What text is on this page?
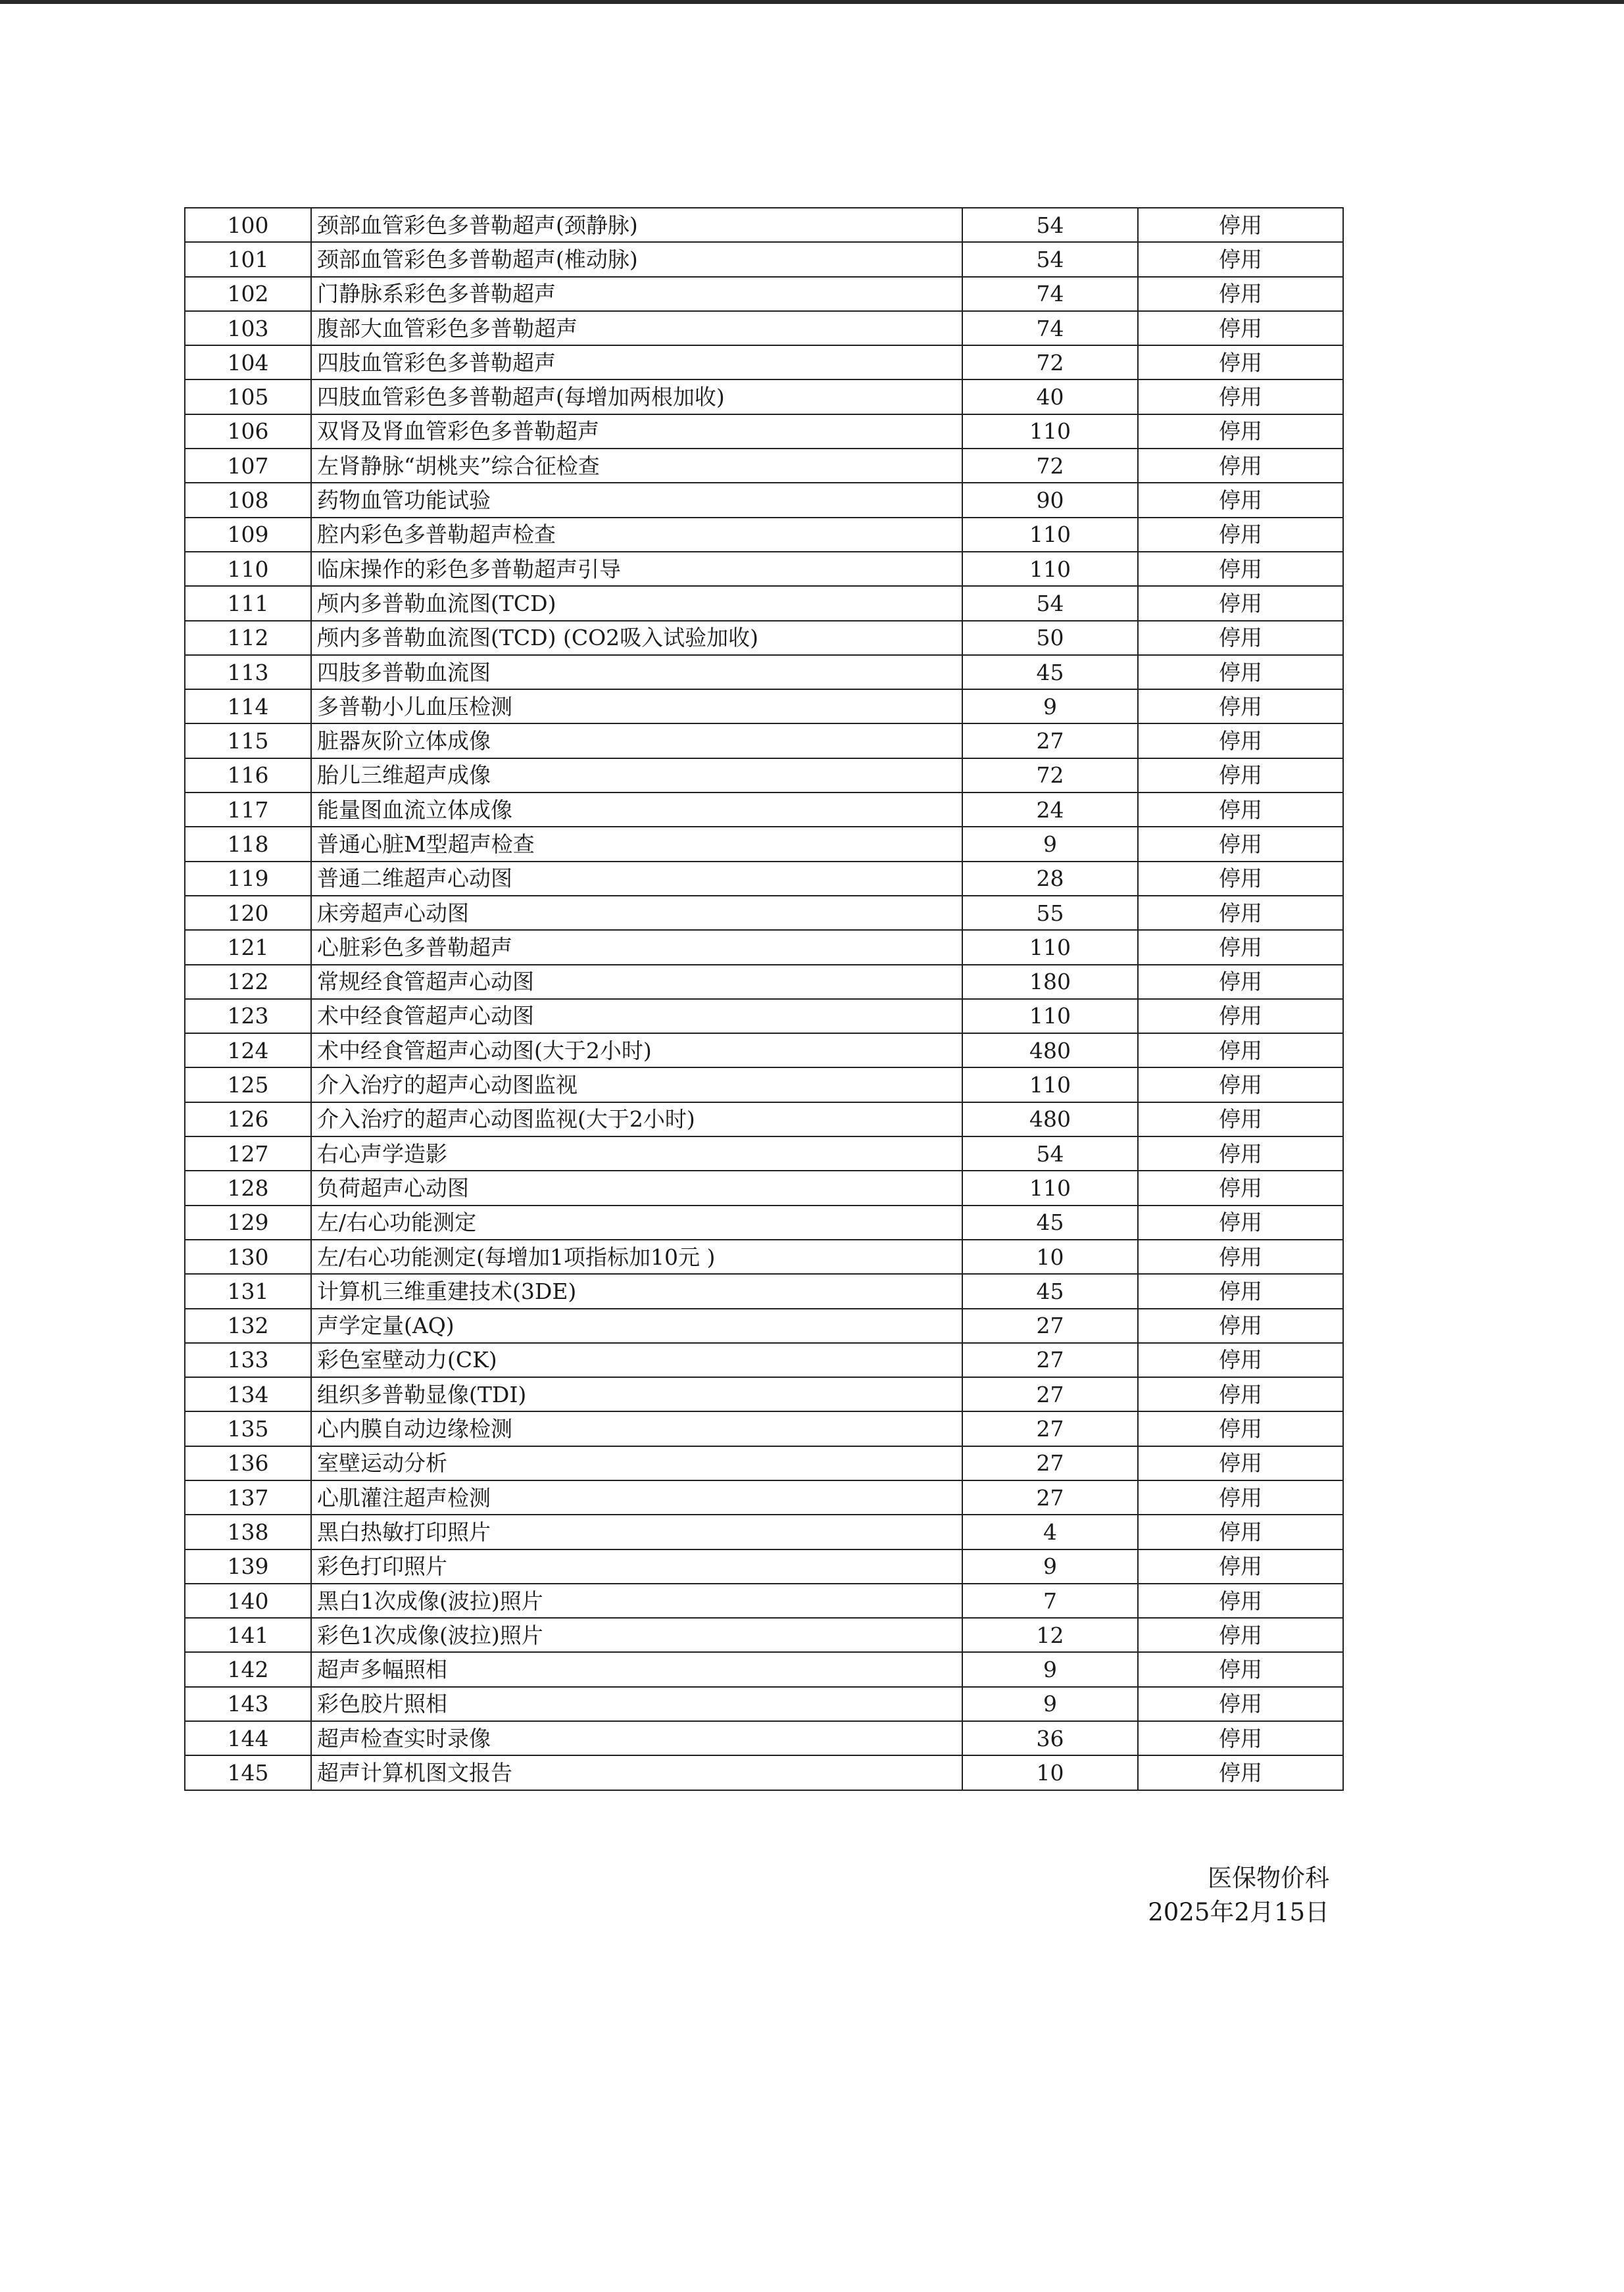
100	颈部血管彩色多普勒超声(颈静脉)	54	停用
101	颈部血管彩色多普勒超声(椎动脉)	54	停用
102	门静脉系彩色多普勒超声	74	停用
103	腹部大血管彩色多普勒超声	74	停用
104	四肢血管彩色多普勒超声	72	停用
105	四肢血管彩色多普勒超声(每增加两根加收)	40	停用
106	双肾及肾血管彩色多普勒超声	110	停用
107	左肾静脉“胡桃夹”综合征检查	72	停用
108	药物血管功能试验	90	停用
109	腔内彩色多普勒超声检查	110	停用
110	临床操作的彩色多普勒超声引导	110	停用
111	颅内多普勒血流图(TCD)	54	停用
112	颅内多普勒血流图(TCD) (CO2吸入试验加收)	50	停用
113	四肢多普勒血流图	45	停用
114	多普勒小儿血压检测	9	停用
115	脏器灰阶立体成像	27	停用
116	胎儿三维超声成像	72	停用
117	能量图血流立体成像	24	停用
118	普通心脏M型超声检查	9	停用
119	普通二维超声心动图	28	停用
120	床旁超声心动图	55	停用
121	心脏彩色多普勒超声	110	停用
122	常规经食管超声心动图	180	停用
123	术中经食管超声心动图	110	停用
124	术中经食管超声心动图(大于2小时)	480	停用
125	介入治疗的超声心动图监视	110	停用
126	介入治疗的超声心动图监视(大于2小时)	480	停用
127	右心声学造影	54	停用
128	负荷超声心动图	110	停用
129	左/右心功能测定	45	停用
130	左/右心功能测定(每增加1项指标加10元 )	10	停用
131	计算机三维重建技术(3DE)	45	停用
132	声学定量(AQ)	27	停用
133	彩色室壁动力(CK)	27	停用
134	组织多普勒显像(TDI)	27	停用
135	心内膜自动边缘检测	27	停用
136	室壁运动分析	27	停用
137	心肌灌注超声检测	27	停用
138	黑白热敏打印照片	4	停用
139	彩色打印照片	9	停用
140	黑白1次成像(波拉)照片	7	停用
141	彩色1次成像(波拉)照片	12	停用
142	超声多幅照相	9	停用
143	彩色胶片照相	9	停用
144	超声检查实时录像	36	停用
145	超声计算机图文报告	10	停用
医保物价科
2025年2月15日
